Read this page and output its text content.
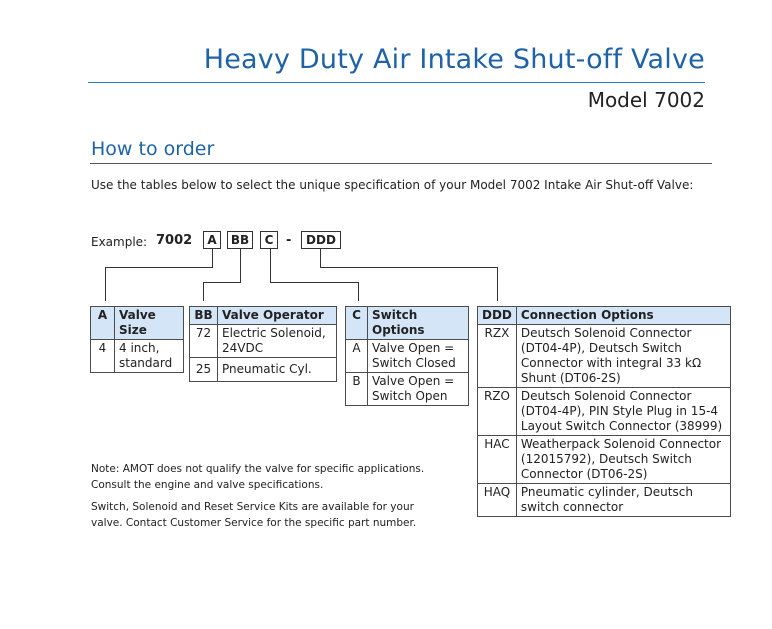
Heavy Duty Air Intake Shut-off Valve
Model 7002
How to order
Use the tables below to select the unique specification of your Model 7002 Intake Air Shut-off Valve:
Example: 7002	A	BB	C -	DDD
A	Valve Size
4	4 inch, standard
BB	Valve Operator
72	Electric Solenoid, 24VDC
25	Pneumatic Cyl.
C	Switch Options
A	Valve Open = Switch Closed
B	Valve Open = Switch Open
DDD	Connection Options
RZX	Deutsch Solenoid Connector (DT04-4P), Deutsch Switch Connector with integral 33 kΩ Shunt (DT06-2S)
RZO	Deutsch Solenoid Connector (DT04-4P), PIN Style Plug in 15-4 Layout Switch Connector (38999)
HAC	Weatherpack Solenoid Connector (12015792), Deutsch Switch Connector (DT06-2S)
HAQ	Pneumatic cylinder, Deutsch switch connector
Note: AMOT does not qualify the valve for specific applications. Consult the engine and valve specifications.
Switch, Solenoid and Reset Service Kits are available for your valve. Contact Customer Service for the specific part number.
